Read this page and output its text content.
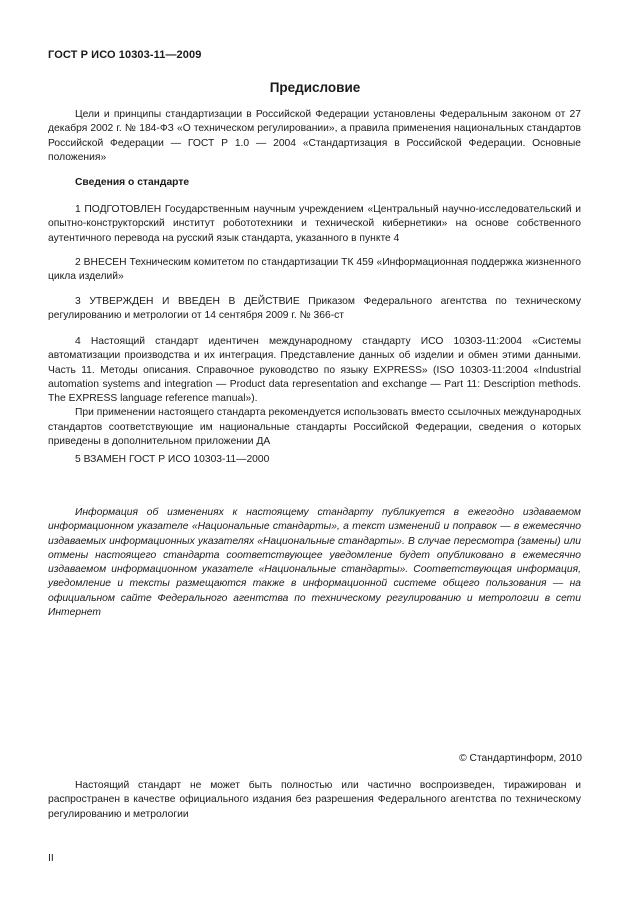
ГОСТ Р ИСО 10303-11—2009
Предисловие

Цели и принципы стандартизации в Российской Федерации установлены Федеральным законом от 27 декабря 2002 г. № 184-ФЗ «О техническом регулировании», а правила применения национальных стандартов Российской Федерации — ГОСТ Р 1.0 — 2004 «Стандартизация в Российской Федерации. Основные положения»

Сведения о стандарте

1 ПОДГОТОВЛЕН Государственным научным учреждением «Центральный научно-исследовательский и опытно-конструкторский институт робототехники и технической кибернетики» на основе собственного аутентичного перевода на русский язык стандарта, указанного в пункте 4

2 ВНЕСЕН Техническим комитетом по стандартизации ТК 459 «Информационная поддержка жизненного цикла изделий»

3 УТВЕРЖДЕН И ВВЕДЕН В ДЕЙСТВИЕ Приказом Федерального агентства по техническому регулированию и метрологии от 14 сентября 2009 г. № 366-ст

4 Настоящий стандарт идентичен международному стандарту ИСО 10303-11:2004 «Системы автоматизации производства и их интеграция. Представление данных об изделии и обмен этими данными. Часть 11. Методы описания. Справочное руководство по языку EXPRESS» (ISO 10303-11:2004 «Industrial automation systems and integration — Product data representation and exchange — Part 11: Description methods. The EXPRESS language reference manual»).

При применении настоящего стандарта рекомендуется использовать вместо ссылочных международных стандартов соответствующие им национальные стандарты Российской Федерации, сведения о которых приведены в дополнительном приложении ДА

5 ВЗАМЕН ГОСТ Р ИСО 10303-11—2000

Информация об изменениях к настоящему стандарту публикуется в ежегодно издаваемом информационном указателе «Национальные стандарты», а текст изменений и поправок — в ежемесячно издаваемых информационных указателях «Национальные стандарты». В случае пересмотра (замены) или отмены настоящего стандарта соответствующее уведомление будет опубликовано в ежемесячно издаваемом информационном указателе «Национальные стандарты». Соответствующая информация, уведомление и тексты размещаются также в информационной системе общего пользования — на официальном сайте Федерального агентства по техническому регулированию и метрологии в сети Интернет

© Стандартинформ, 2010

Настоящий стандарт не может быть полностью или частично воспроизведен, тиражирован и распространен в качестве официального издания без разрешения Федерального агентства по техническому регулированию и метрологии

II
